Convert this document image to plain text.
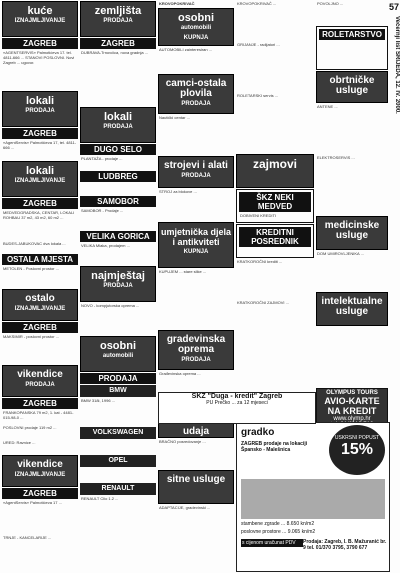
kuće
IZNAJMLJIVANJE
ZAGREB
«AGENTSERVIS» Palmotićeva 17. tel. 4811-666 ... STANOVI POSLOVNI. Novi Zagreb ... ugovor.
lokali
PRODAJA
ZAGREB
«AgentServis» Palmotićeva 17, tel. 4811-666 ...
lokali
IZNAJMLJIVANJE
ZAGREB
MEDVEDGRADSKA, CENTAR, LOKALI ROHBAU 37 m2, 43 m2, 60 m2 ...
BUDES-JABUKOVAC dva lokala ...
OSTALA MJESTA
METOLEN - Poslovni prostor ...
ostalo
IZNAJMLJIVANJE
ZAGREB
MAKSIMIR - poslovni prostor ...
vikendice
PRODAJA
ZAGREB
FRANKOPANSKA 79 m2, 1. kat - 4481-015-98-0 ...
POSLOVNI prodaje 119 m2 ...
URED: Ravnice ...
vikendice
IZNAJMLJIVANJE
ZAGREB
«AgentServis» Palmotićeva 17 ...
TRNJE - KANCELARIJE ...
zemljišta
PRODAJA
ZAGREB
DUBRAVA-Trnovćica, nova gradnja ...
lokali
PRODAJA
DUGO SELO
PLANTAŽA - prodaje ...
LUDBREG
SAMOBOR
SAMOBOR - Prodaje ...
VELIKA GORICA
VELIKA Mlaka, prodajem ...
najmještaj
PRODAJA
NOVO - kompjutorska oprema ...
osobni
automobili
PRODAJA
BMW
BMW 318i, 1996 ...
VOLKSWAGEN
OPEL
RENAULT
RENAULT Clio 1.2 ...
KROVOPOKRIVAČ
osobni
automobili
KUPNJA
AUTOMOBILI zainteresiran ...
camci-ostala plovila
PRODAJA
Nautički centar ...
strojevi i alati
PRODAJA
STROJ za blokove ...
umjetnička djela i antikviteti
KUPNJA
KUPUJEM ... stare slike ...
gradevinska oprema
PRODAJA
Građevinska oprema ...
udaja
BRAČNO posredovanje ...
sitne usluge
ADAPTACIJE, gradevinski ...
KROVOPOKRIVAČ ...
GRIJANJE - radijatori ...
ROLETARSKI servis ...
zajmovi
ŠKZ NEKI MEDVED
DOBIVENI KREDITI
KREDITNI POSREDNIK
KRATKOROČNI krediti ...
KRATKOROČNI ZAJMOVI ...
POVOLJNO ...
ROLETARSTVO
obrtničke usluge
ANTENE ...
ELEKTROSERVIS ...
medicinske usluge
DOM UMIROVLJENIKA ...
intelektualne usluge
OLYMPUS TOURS
AVIO-KARTE NA KREDIT
www.olymp.hr
gradko
ZAGREB prodaje na lokaciji Špansko - Malešnica
USKRSNI POPUST
15%
stambene zgrade ... 8.650 kn/m2
poslovne prostore ... 9.065 kn/m2
s cijenom uračunat PDV	Prodaja: Zagreb, I. B. Mažuranić br. 9 tel. 01/370 3795, 3790 677
ŠKZ "Duga - kredit" Zagreb
PU Prečko ... za 12 mjeseci
57
Večernji list SRIJEDA, 12. IV. 2000.
